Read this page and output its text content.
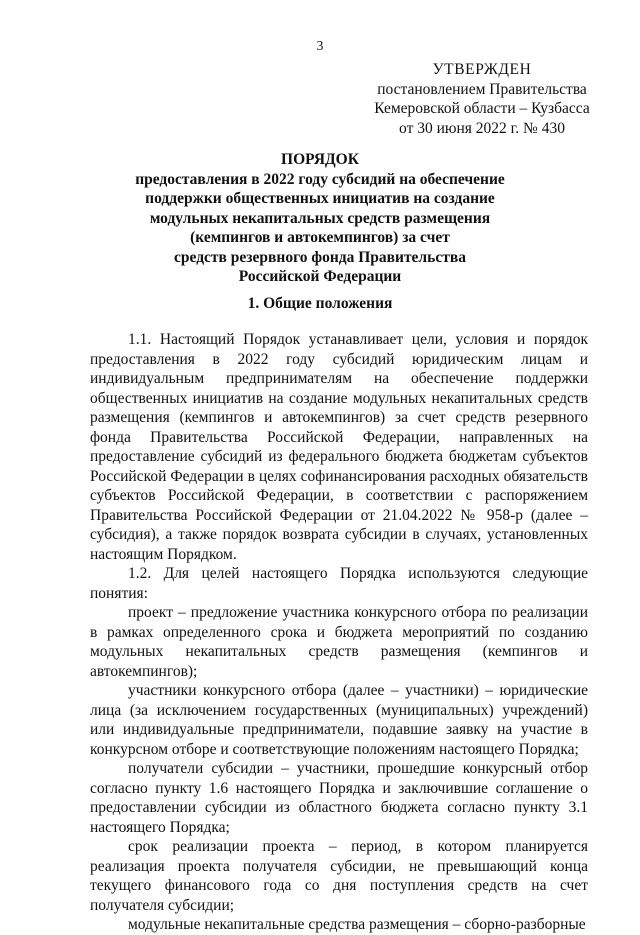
3
УТВЕРЖДЕН
постановлением Правительства
Кемеровской области – Кузбасса
от 30 июня 2022 г. № 430
ПОРЯДОК
предоставления в 2022 году субсидий на обеспечение
поддержки общественных инициатив на создание
модульных некапитальных средств размещения
(кемпингов и автокемпингов) за счет
средств резервного фонда Правительства
Российской Федерации
1. Общие положения

1.1. Настоящий Порядок устанавливает цели, условия и порядок предоставления в 2022 году субсидий юридическим лицам и индивидуальным предпринимателям на обеспечение поддержки общественных инициатив на создание модульных некапитальных средств размещения (кемпингов и автокемпингов) за счет средств резервного фонда Правительства Российской Федерации, направленных на предоставление субсидий из федерального бюджета бюджетам субъектов Российской Федерации в целях софинансирования расходных обязательств субъектов Российской Федерации, в соответствии с распоряжением Правительства Российской Федерации от 21.04.2022 № 958-р (далее – субсидия), а также порядок возврата субсидии в случаях, установленных настоящим Порядком.

1.2. Для целей настоящего Порядка используются следующие понятия:

проект – предложение участника конкурсного отбора по реализации в рамках определенного срока и бюджета мероприятий по созданию модульных некапитальных средств размещения (кемпингов и автокемпингов);

участники конкурсного отбора (далее – участники) – юридические лица (за исключением государственных (муниципальных) учреждений) или индивидуальные предприниматели, подавшие заявку на участие в конкурсном отборе и соответствующие положениям настоящего Порядка;

получатели субсидии – участники, прошедшие конкурсный отбор согласно пункту 1.6 настоящего Порядка и заключившие соглашение о предоставлении субсидии из областного бюджета согласно пункту 3.1 настоящего Порядка;

срок реализации проекта – период, в котором планируется реализация проекта получателя субсидии, не превышающий конца текущего финансового года со дня поступления средств на счет получателя субсидии;

модульные некапитальные средства размещения – сборно-разборные
